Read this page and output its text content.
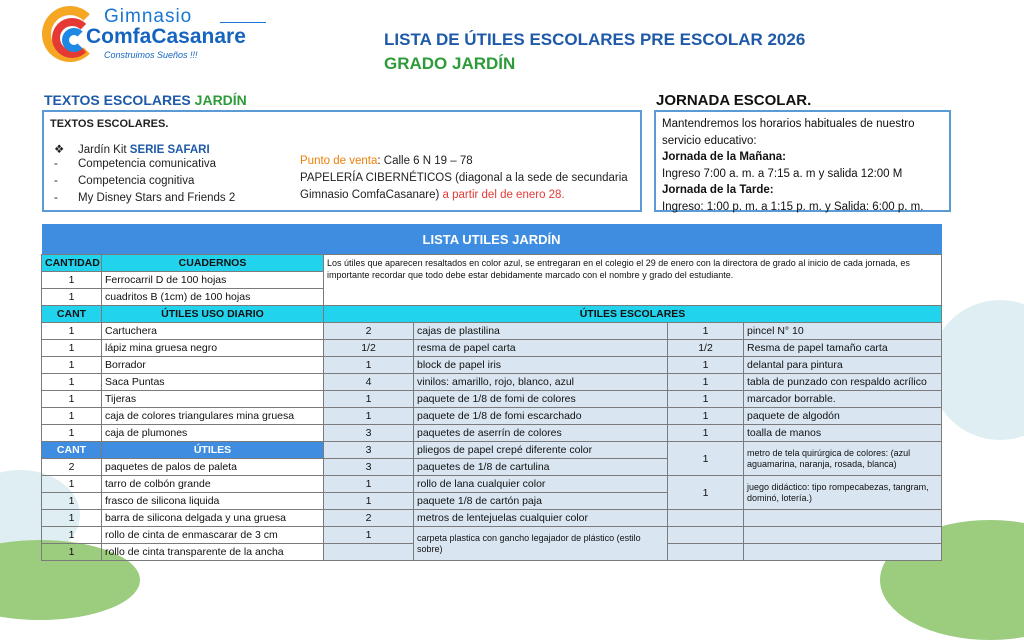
Gimnasio
ComfaCasanare
Construimos Sueños !!!
LISTA DE ÚTILES ESCOLARES PRE ESCOLAR 2026
GRADO JARDÍN
TEXTOS ESCOLARES JARDÍN	JORNADA ESCOLAR.
TEXTOS ESCOLARES.
❖ Jardín Kit SERIE SAFARI
- Competencia comunicativa
- Competencia cognitiva
- My Disney Stars and Friends 2
Punto de venta: Calle 6 N 19 – 78
PAPELERÍA CIBERNÉTICOS (diagonal a la sede de secundaria
Gimnasio ComfaCasanare) a partir del de enero 28.
Mantendremos los horarios habituales de nuestro servicio educativo:
Jornada de la Mañana:
Ingreso 7:00 a. m. a 7:15 a. m y salida 12:00 M
Jornada de la Tarde:
Ingreso: 1:00 p. m. a 1:15 p. m. y Salida: 6:00 p. m.
LISTA UTILES JARDÍN					
CANTIDAD	CUADERNOS	Los útiles que aparecen resaltados en color azul, se entregaran en el colegio el 29 de enero con la directora de grado al inicio de cada jornada, es importante recordar que todo debe estar debidamente marcado con el nombre y grado del estudiante.			
1	Ferrocarril D de 100 hojas				
1	cuadritos B (1cm) de 100 hojas				
CANT	ÚTILES USO DIARIO	ÚTILES ESCOLARES			
1	Cartuchera	2	cajas de plastilina	1	pincel N° 10
1	lápiz mina gruesa negro	1/2	resma de papel carta	1/2	Resma de papel tamaño carta
1	Borrador	1	block de papel iris	1	delantal para pintura
1	Saca Puntas	4	vinilos: amarillo, rojo, blanco, azul	1	tabla de punzado con respaldo acrílico
1	Tijeras	1	paquete de 1/8 de fomi de colores	1	marcador borrable.
1	caja de colores triangulares mina gruesa	1	paquete de 1/8 de fomi escarchado	1	paquete de algodón
1	caja de plumones	3	paquetes de aserrín de colores	1	toalla de manos
CANT	ÚTILES	3	pliegos de papel crepé diferente color	1	metro de tela quirúrgica de colores: (azul aguamarina, naranja, rosada, blanca)
2	paquetes de palos de paleta	3	paquetes de 1/8 de cartulina		
1	tarro de colbón grande	1	rollo de lana cualquier color	1	juego didáctico: tipo rompecabezas, tangram, dominó, lotería.)
1	frasco de silicona liquida	1	paquete 1/8 de cartón paja		
1	barra de silicona delgada y una gruesa	2	metros de lentejuelas cualquier color		
1	rollo de cinta de enmascarar de 3 cm	1	carpeta plastica con gancho legajador de plástico (estilo sobre)		
1	rollo de cinta transparente de la ancha				
